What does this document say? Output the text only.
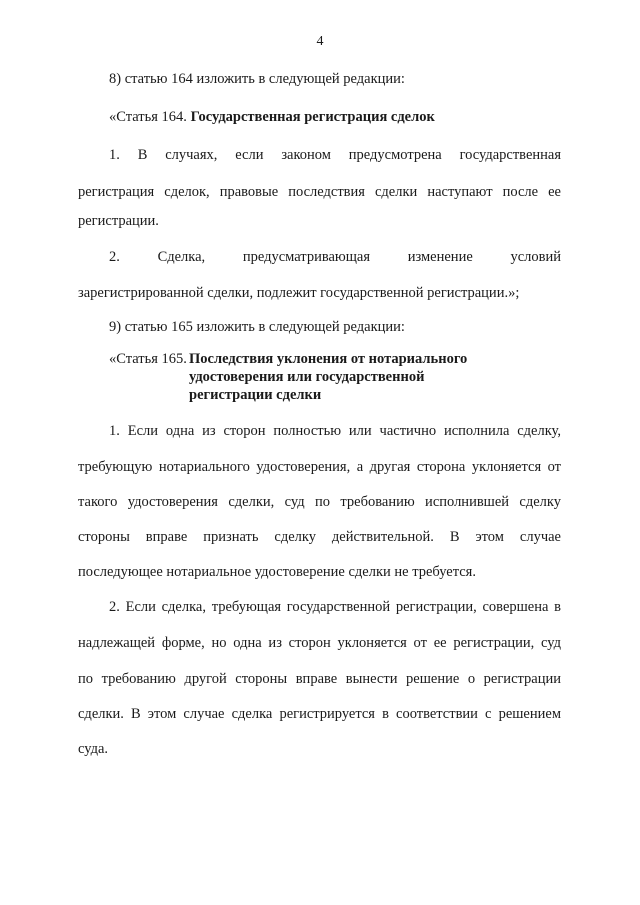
4
8) статью 164 изложить в следующей редакции:
«Статья 164. Государственная регистрация сделок
1. В случаях, если законом предусмотрена государственная
регистрация сделок, правовые последствия сделки наступают после ее
регистрации.
2. Сделка, предусматривающая изменение условий
зарегистрированной сделки, подлежит государственной регистрации.»;
9) статью 165 изложить в следующей редакции:
«Статья 165. Последствия уклонения от нотариального
удостоверения или государственной
регистрации сделки
1. Если одна из сторон полностью или частично исполнила сделку,
требующую нотариального удостоверения, а другая сторона уклоняется от
такого удостоверения сделки, суд по требованию исполнившей сделку
стороны вправе признать сделку действительной. В этом случае
последующее нотариальное удостоверение сделки не требуется.
2. Если сделка, требующая государственной регистрации, совершена в
надлежащей форме, но одна из сторон уклоняется от ее регистрации, суд
по требованию другой стороны вправе вынести решение о регистрации
сделки. В этом случае сделка регистрируется в соответствии с решением
суда.
